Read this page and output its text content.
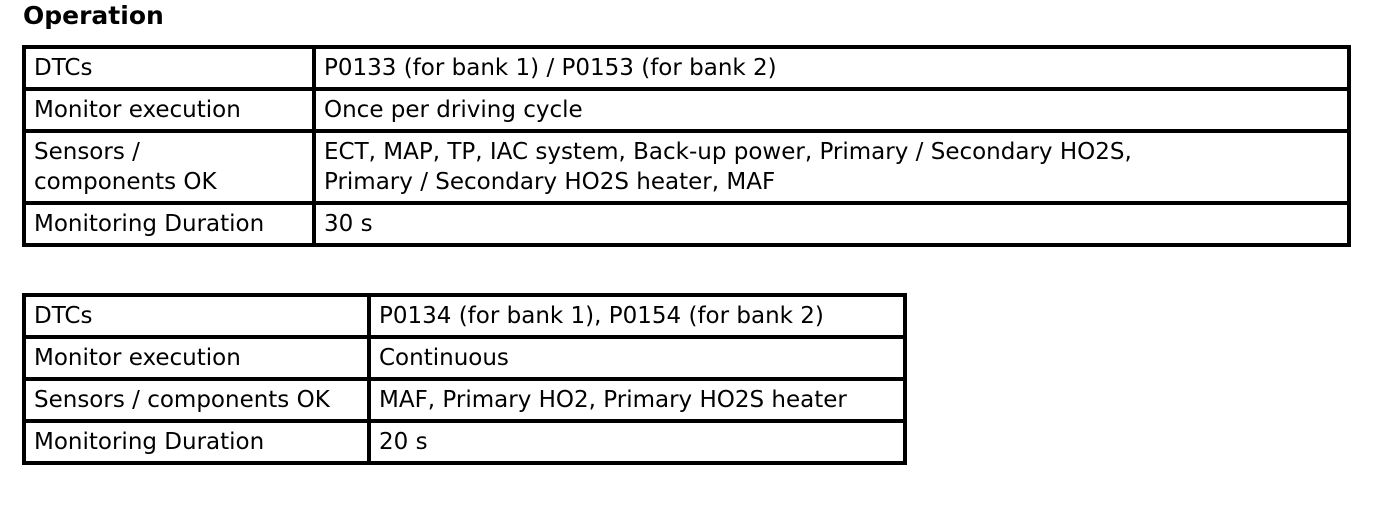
Operation
DTCs	P0133 (for bank 1) / P0153 (for bank 2)
Monitor execution	Once per driving cycle

Sensors /
components OK	ECT, MAP, TP, IAC system, Back-up power, Primary / Secondary HO2S,
Primary / Secondary HO2S heater, MAF

Monitoring Duration	30 s
DTCs	P0134 (for bank 1), P0154 (for bank 2)
Monitor execution	Continuous
Sensors / components OK	MAF, Primary HO2, Primary HO2S heater
Monitoring Duration	20 s
